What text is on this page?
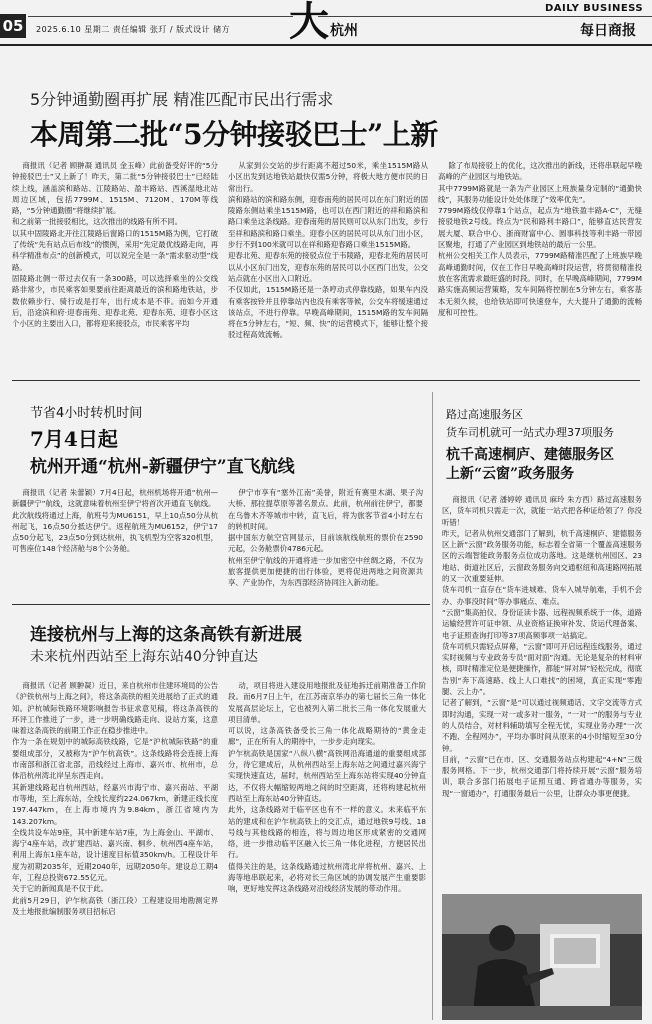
05	2025.6.10 星期二 责任编辑 张玎 / 版式设计 储方 大 杭州
DAILY BUSINESS
每日商报
5分钟通勤圈再扩展 精准匹配市民出行需求
本周第二批“5分钟接驳巴士”上新

商报讯（记者 顾翀凝 通讯员 金玉峰）此前备受好评的“5分钟接驳巴士”又上新了！昨天，第二批“5分钟接驳巴士”已经陆续上线，涵盖滨和路站、江陵路站、盈丰路站、西溪湿地北站周边区域，包括7799M、1515M、7120M、170M等线路，“5分钟通勤圈”将继续扩展。
和之前第一批接驳相比，这次推出的线路有所不同。
以其中固陵路北开往江陵路后窗路口的1515M路为例，它打破了传统“先有站点后布线”的惯例，采用“先定最优线路走向，再科学精准布点”的创新模式，可以说完全是一条“需求驱动型”线路。
固陵路北侧一带过去仅有一条300路，可以选择乘坐的公交线路非常少，市民乘客如果要前往距离最近的滨和路地铁站，步数依赖步行、骑行或是打车，出行成本是不菲。而如今开通后，沿途滨和府·迎春南苑、迎春北苑、迎春东苑、迎春小区这个小区的主要出入口，都将迎来接驳点，市民乘客平均

从家到公交站的步行距离不超过50米，乘坐1515M路从小区出发到达地铁站最快仅需5分钟，将极大地方便市民的日常出行。
滨和路站的滨和路东侧，迎春南苑的居民可以在东门附近的固陵路东侧站乘坐1515M路，也可以在西门附近的祥和路滨和路口乘坐这条线路。迎春南苑的居民则可以从东门出发，步行至祥和路滨和路口乘坐。迎春小区的居民可以从东门出小区，步行不到100米就可以在祥和路迎春路口乘坐1515M路。
迎春北苑、迎春东苑的接驳点位于韦陵路，迎春北苑的居民可以从小区东门出发，迎春东苑的居民可以小区西门出发，公交站点就在小区出入口附近。
不仅如此，1515M路还是一条哼动式停靠线路，如果车内没有乘客按铃并且停靠站内也没有乘客等候，公交车将缓速通过该站点，不进行停靠。早晚高峰期间，1515M路的发车间隔将在5分钟左右，“短、频、快”的运营模式下，能够让整个接驳过程高效流畅。

除了布局接驳上的优化，这次推出的新线，还将串联起早晚高峰的产业园区与地铁站。
其中7799M路就是一条为产业园区上班族量身定制的“通勤快线”，其服务功能设计处处体现了“效率优先”。
7799M路线仅停靠1个站点，起点为“地铁盈丰路A·C”，无缝接驳地铁2号线。终点为“民和路利丰路口”，能够直达民营发展大厦、联合中心、浙商财富中心、圆事科技等利丰路一带园区聚地，打通了产业园区到地铁站的最后一公里。
杭州公交相关工作人员表示，7799M路精准匹配了上班族早晚高峰通勤时间，仅在工作日早晚高峰时段运营，将贯彻精准投放在客流需求最旺盛的时段。同时，在早晚高峰期间，7799M路实施高频运营策略，发车间隔将控制在5分钟左右，乘客基本无须久候，也给铁站即可快速登车，大大提升了通勤的流畅度和可控性。

节省4小时转机时间
7月4日起
杭州开通“杭州-新疆伊宁”直飞航线

商报讯（记者 朱蕾颖）7月4日起，杭州机场将开通“杭州—新疆伊宁”航线，这就意味着杭州至伊宁将首次开通直飞航线。
此次航线将通过上海，航班号为MU6151，早上10点50分从杭州起飞，16点50分抵达伊宁。返程航班为MU6152，伊宁17点50分起飞，23点50分到达杭州，执飞机型为空客320机型，可售座位148个经济舱与8个公务舱。

伊宁市享有“塞外江南”美誉，附近有赛里木湖、果子沟大桥、那拉提草原等著名景点。此前，杭州前往伊宁，都要在乌鲁木齐等城市中转，直飞后，将为旅客节省4小时左右的转机时间。
据中国东方航空官网显示，目前该航线航班的票价在2590元起，公务舱票价4786元起。
杭州至伊宁航线的开通将进一步加密空中丝绸之路，不仅为旅客提供更加便捷的出行体验，更将促进两地之间资源共享、产业协作，为东西部经济协同注入新动能。

连接杭州与上海的这条高铁有新进展
未来杭州西站至上海东站40分钟直达

商报讯（记者 顾翀凝）近日，来自杭州市住建环境局的公告《沪铁杭州与上海之间》，将这条高铁的相关进展给了正式的通知。沪杭城际铁路环境影响报告书征求意见稿，将这条高铁的环评工作推进了一步，进一步明确线路走向、设站方案，这意味着这条高铁的前期工作正在稳步推进中。
作为一条在规划中的城际高铁线路，它是“沪杭城际铁路”的重要组成部分，又被称为“沪乍杭高铁”。这条线路将会连接上海市南部和浙江省北部，沿线经过上海市、嘉兴市、杭州市，总体沿杭州湾北岸呈东西走向。
其新建线路起自杭州西站，经嘉兴市海宁市、嘉兴南站、平湖市等地，至上海东站，全线长度约224.067km，新建正线长度197.447km，在上海市境内为9.84km，浙江省境内为143.207km。
全线共设车站9座，其中新建车站7座，为上海金山、平湖市、海宁4座车站，改扩建西站、嘉兴南、桐乡、杭州西4座车站，利用上海东1座车站，设计速度目标值350km/h。工程设计年度为初期2035年，近期2040年，远期2050年。建设总工期4年，工程总投资672.55亿元。
关于它的新闻真是不仅于此。
此前5月29日，沪乍杭高铁（浙江段）工程建设用地勘测定界及土地报批编制服务项目招标启

动，项目将进入建设用地报批及征地拆迁前期准备工作阶段。而6月7日上午，在江苏南京举办的第七届长三角一体化发展高层论坛上，它也被列入第二批长三角一体化发展重大项目清单。
可以说，这条高铁备受长三角一体化战略期待的“黄金走廊”，正在所有人的期待中，一步步走向现实。
沪乍杭高铁是国家“八纵八横”高铁网沿海通道的重要组成部分，待它建成后，从杭州西站至上海东站之间通过嘉兴海宁实现快速直达，届时，杭州西站至上海东站将实现40分钟直达，不仅将大幅缩短两地之间的时空距离，还将构建起杭州西站至上海东站40分钟直达。
此外，这条线路对于临平区也有不一样的意义。未来临平东站的建成和在沪乍杭高铁上的交汇点，通过地铁9号线、18号线与其他线路的相连，将与周边地区形成紧密的交通网络，进一步推动临平区融入长三角一体化进程，方便居民出行。
值得关注的是，这条线路通过杭州湾北岸将杭州、嘉兴、上海等地串联起来，必将对长三角区域的协调发展产生重要影响，更好地发挥这条线路对沿线经济发展的带动作用。

路过高速服务区
货车司机就可一站式办理37项服务
杭千高速桐庐、建德服务区
上新“云窗”政务服务

商报讯（记者 潘婷婷 通讯员 麻玲 朱方西）路过高速服务区，货车司机只需走一次，就能一站式把各种证给领了？你没听错！
昨天，记者从杭州交通部门了解到，杭千高速桐庐、建德服务区上新“云窗”政务服务功能，标志着全省第一个覆盖高速服务区的云端智能政务服务点位成功落地。这是继杭州园区、23地站、街道社区后，云窗政务服务向交通枢纽和高速路网拓展的又一次重要延伸。
货车司机一直存在“货车进城难、货车入城导航难，手机不会办、办事没时间”等办事痛点、难点。
“云窗”集高拍仪、身份证读卡器、远程视频系统于一体，道路运输经营许可证申领、从业资格证换审补发、货运代理备案、电子证照查询打印等37项高频事项一站搞定。
货车司机只需轻点屏幕，“云窗”即可开启远程连线服务，通过实时视频与专业政务专员“面对面”沟通。无论是复杂的材料审核，即时精准定位是便捷操作，都能“屏对屏”轻松完成，彻底告别“奔下高速路、线上人口难找”的困境，真正实现“零跑腿、云上办”。
记者了解到，“云窗”是“可以通过视频通话、文字交流等方式即时沟通，实现一对一或多对一服务，“一对一”的服务与专业的人员结合，对材料辅助填写全程无忧，实现业务办理“一次不跑、全程网办”，平均办事时间从原来的4小时缩短至30分钟。
目前，“云窗”已在市、区、交通服务站点构建起“4+N”三级服务网格。下一步，杭州交通部门将持续开展“云窗”服务培训，联合多部门拓展电子证照互通、跨省通办等服务，实现“一窗通办”，打通服务最后一公里，让群众办事更便捷。
